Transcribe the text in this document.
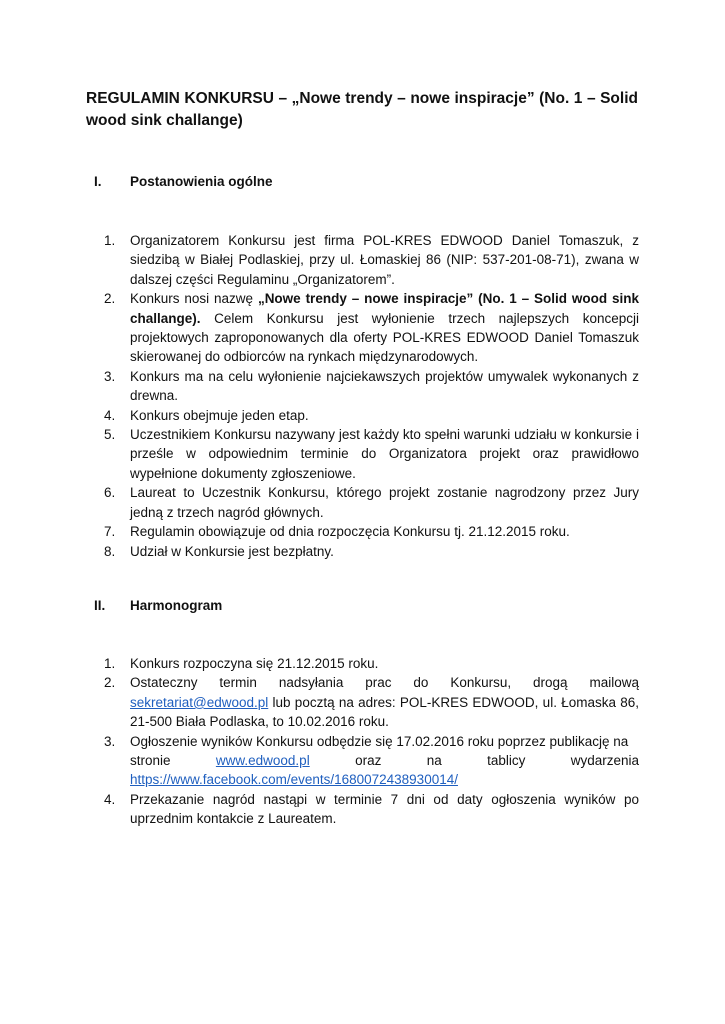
REGULAMIN KONKURSU – „Nowe trendy – nowe inspiracje” (No. 1 – Solid wood sink challange)
I. Postanowienia ogólne
1. Organizatorem Konkursu jest firma POL-KRES EDWOOD Daniel Tomaszuk, z siedzibą w Białej Podlaskiej, przy ul. Łomaskiej 86 (NIP: 537-201-08-71), zwana w dalszej części Regulaminu „Organizatorem”.
2. Konkurs nosi nazwę „Nowe trendy – nowe inspiracje” (No. 1 – Solid wood sink challange). Celem Konkursu jest wyłonienie trzech najlepszych koncepcji projektowych zaproponowanych dla oferty POL-KRES EDWOOD Daniel Tomaszuk skierowanej do odbiorców na rynkach międzynarodowych.
3. Konkurs ma na celu wyłonienie najciekawszych projektów umywalek wykonanych z drewna.
4. Konkurs obejmuje jeden etap.
5. Uczestnikiem Konkursu nazywany jest każdy kto spełni warunki udziału w konkursie i prześle w odpowiednim terminie do Organizatora projekt oraz prawidłowo wypełnione dokumenty zgłoszeniowe.
6. Laureat to Uczestnik Konkursu, którego projekt zostanie nagrodzony przez Jury jedną z trzech nagród głównych.
7. Regulamin obowiązuje od dnia rozpoczęcia Konkursu tj. 21.12.2015 roku.
8. Udział w Konkursie jest bezpłatny.
II. Harmonogram
1. Konkurs rozpoczyna się 21.12.2015 roku.
2. Ostateczny termin nadsyłania prac do Konkursu, drogą mailową
sekretariat@edwood.pl lub pocztą na adres: POL-KRES EDWOOD, ul. Łomaska 86, 21-500 Biała Podlaska, to 10.02.2016 roku.
3. Ogłoszenie wyników Konkursu odbędzie się 17.02.2016 roku poprzez publikację na
stronie	www.edwood.pl	oraz	na	tablicy	wydarzenia
https://www.facebook.com/events/1680072438930014/
4. Przekazanie nagród nastąpi w terminie 7 dni od daty ogłoszenia wyników po uprzednim kontakcie z Laureatem.
